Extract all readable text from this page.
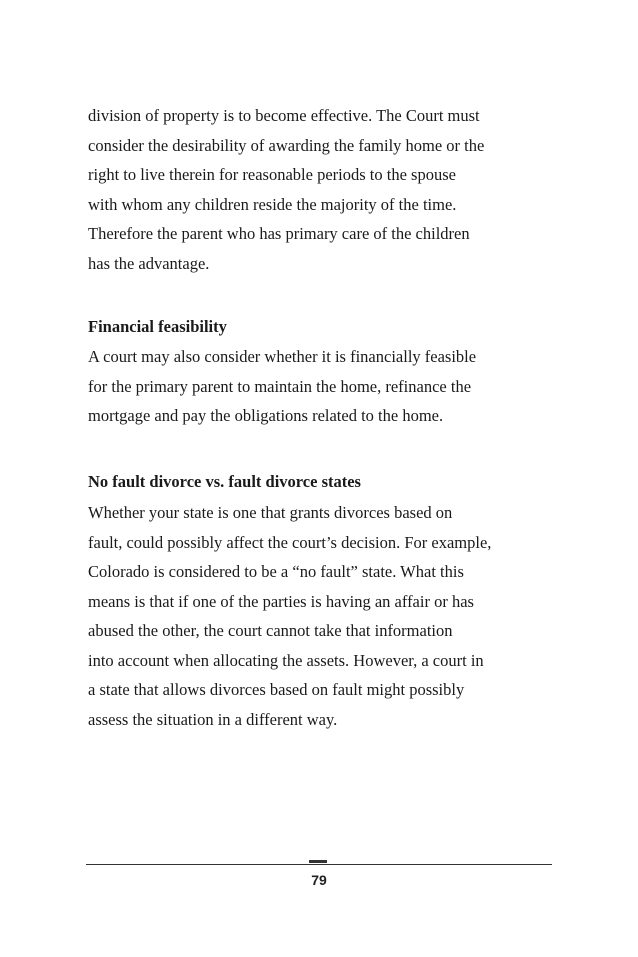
division of property is to become effective. The Court must
consider the desirability of awarding the family home or the
right to live therein for reasonable periods to the spouse
with whom any children reside the majority of the time.
Therefore the parent who has primary care of the children
has the advantage.
Financial feasibility
A court may also consider whether it is financially feasible
for the primary parent to maintain the home, refinance the
mortgage and pay the obligations related to the home.
No fault divorce vs. fault divorce states
Whether your state is one that grants divorces based on
fault, could possibly affect the court’s decision. For example,
Colorado is considered to be a “no fault” state. What this
means is that if one of the parties is having an affair or has
abused the other, the court cannot take that information
into account when allocating the assets. However, a court in
a state that allows divorces based on fault might possibly
assess the situation in a different way.
79
